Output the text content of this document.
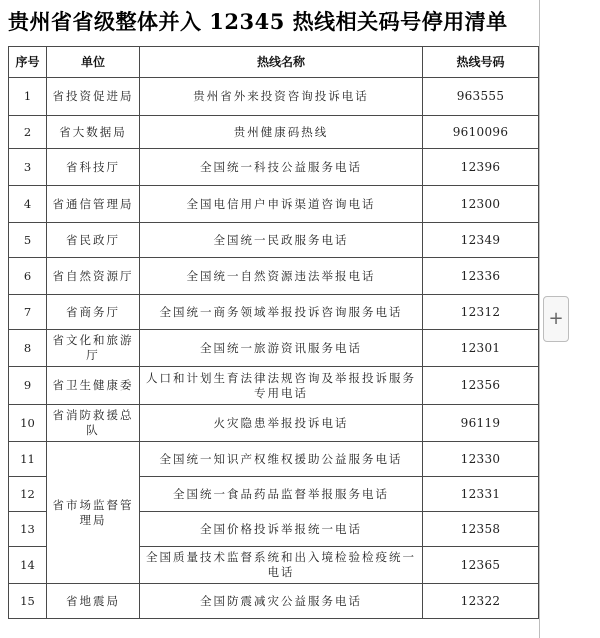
贵州省省级整体并入 12345 热线相关码号停用清单
序号	单位	热线名称	热线号码
1	省投资促进局	贵州省外来投资咨询投诉电话	963555
2	省大数据局	贵州健康码热线	9610096
3	省科技厅	全国统一科技公益服务电话	12396
4	省通信管理局	全国电信用户申诉渠道咨询电话	12300
5	省民政厅	全国统一民政服务电话	12349
6	省自然资源厅	全国统一自然资源违法举报电话	12336
7	省商务厅	全国统一商务领域举报投诉咨询服务电话	12312
8	省文化和旅游厅	全国统一旅游资讯服务电话	12301
9	省卫生健康委	人口和计划生育法律法规咨询及举报投诉服务专用电话	12356
10	省消防救援总队	火灾隐患举报投诉电话	96119
11	省市场监督管理局	全国统一知识产权维权援助公益服务电话	12330
12		全国统一食品药品监督举报服务电话	12331
13		全国价格投诉举报统一电话	12358
14		全国质量技术监督系统和出入境检验检疫统一电话	12365
15	省地震局	全国防震减灾公益服务电话	12322
+
